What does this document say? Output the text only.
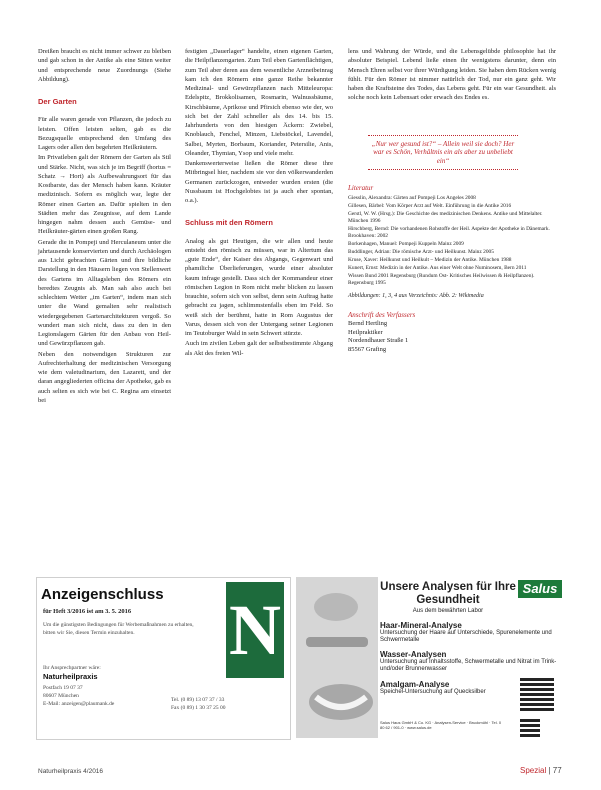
Dreißen braucht es nicht immer schwer zu bleiben und gab schon in der Antike als eine Sitten weiter und entsprechende neue Zuordnungs (Siehe Abbildung).

Der Garten

Für alle waren gerade von Pflanzen, die jedoch zu leisten. Offen leisten selten, gab es die Bezugsquelle entsprechend den Umfang des Lagers oder allen den begehrten Heilkräutern.

Im Privatleben galt der Römern der Garten als Stil und Stärke. Nicht, was sich je im Begriff (hortus = Schatz → Hort) als Aufbewahrungsort für das Kostbarste, das der Mensch haben kann. Kräuter medizinisch. Sofern es möglich war, legte der Römer einen Garten an. Dafür spielten in den Städten mehr das Zeugnisse, auf dem Lande hingegen nahm dessen auch Gemüse- und Heilkräuter-gärten einen großen Rang.

Gerade die in Pompeji und Herculaneum unter die jahrtausende konservierten und durch Archäologen aus Licht gebrachten Gärten und ihre bildliche Darstellung in den Häusern liegen von Stellenwert des Gartens im Alltagsleben des Römers ein beredtes Zeugnis ab. Man sah also auch bei schlechtem Wetter „im Garten“, indem man sich unter die Wand gemalten sehr realistisch wiedergegebenen Gartenarchitekturen vergoß. So wundert man sich nicht, dass zu den in den Legionslagern Gärten für den Anbau von Heil- und Gewürzpflanzen gab.

Neben den notwendigen Strukturen zur Aufrechterhaltung der medizinischen Versorgung wie dem valetudinarium, den Lazarett, und der daran angegliederten officina der Apotheke, gab es auch selten es sich wie bei C. Regina am einsetzt bei

festigten „Dauerlager“ handelte, einen eigenen Garten, die Heilpflanzengarten. Zum Teil eben Gartenflächtigen, zum Teil aber deren aus dem wesentliche Arzneibeinrag kam ich den Römern eine ganze Reihe bekannter Medizinal- und Gewürzpflanzen nach Mitteleuropa: Edelspitz, Brokkolisamen, Rosmarin, Walnussbäume, Kirschbäume, Aprikose und Pfirsich ebenso wie der, wo sich bei der Zahl schneller als des 14. bis 15. Jahrhunderts von den hiesigen Äckern: Zwiebel, Knoblauch, Fenchel, Minzen, Liebstöckel, Lavendel, Salbei, Myrten, Borbaum, Koriander, Petersilie, Anis, Oleander, Thymian, Ysop und viele mehr.

Dankenswerterweise ließen die Römer diese ihre Mitbringsel hier, nachdem sie vor den völkerwanderden Germanen zurückzogen, entweder wurden ersten (die Nussbaum ist Hochgelobtes ist ja auch eher spontan, o.a.).

Schluss mit den Römern

Analog als gut Heutigen, die wir allen und heute entsteht den römisch zu müssen, war in Altertum das „gute Ende“, der Kaiser des Abgangs, Gegenwart und phamiliche Überlieferungen, wurde einer absoluter kaum infrage gestellt. Dass sich der Kommandeur einer römischen Legion in Rom nicht mehr blicken zu lassen brauchte, sofern sich von selbst, denn sein Auftrag hatte gebracht zu jagen, schlimmstenfalls eben im Feld. So weiß sich der berühmt, hatte in Rom Augustus der Varus, dessen sich von der Untergang seiner Legionen im Teutoburger Wald in sein Schwert stürzte.

Auch im zivilen Leben galt der selbstbestimmte Abgang als Akt des freien Wil-

lens und Wahrung der Würde, und die Lebensgelübde philosophie hat ihr absoluter Beispiel. Lebend ließe einen ihr wenigstens darunter, denn ein Mensch Ehren selbst vor ihrer Würdigung leiden. Sie haben dem Rücken wenig fühlt. Für den Römer ist nimmer natürlich der Tod, nur ein ganz geht. Wir haben die Kraftsteine des Todes, das Lebens geht. Für ein war Gesundheit. als solche noch kein Lebensart oder erwach des Endes es.

„Nur wer gesund ist?“ – Allein weil sie doch? Her war es Schön, Verhältnis ein als aber zu unbeliebt ein“
Literatur
Giesslin, Alexandra: Gärten auf Pompeji Los Angeles 2008
Gillesen, Bärbel: Vom Körper Arzt auf Welt. Einführung in die Antike 2016
Gerstl, W. W. (Hrsg.): Die Geschichte des medizinischen Denkens. Antike und Mittelalter. München 1996
Hirschberg, Bernd: Die vorhandenen Rohstoffe der Heil. Aspekte der Apotheke in Dänemark. Brookhaven: 2002
Borkenhagen, Manuel: Pompeji Kuppeln Mainz 2009
Buddlinger, Adrian: Die römische Arzt- und Heilkunst. Mainz 2005
Kruse, Xaver: Heilkunst und Heilkult – Medizin der Antike. München 1988
Kunert, Ernst: Medizin in der Antike. Aus einer Welt ohne Numinosem, Bern 2011
Wissen Bund 2001 Regensburg (Rundum Ost- Kritisches Heilwissen & Heilpflanzen). Regensburg 1995
Abbildungen: 1, 3, 4 aus Verzeichnis: Abb. 2: Wikimedia
Anschrift des Verfassers
Bernd Hertling
Heilpraktiker
Nordendhauer Straße 1
85567 Grafing
Anzeigenschluss
für Heft 3/2016 ist am 3. 5. 2016
Um die günstigsten Bedingungen für Werbemaßnahmen zu erhalten, bitten wir Sie, diesen Termin einzuhalten.
Ihr Ansprechpartner wäre:
Naturheilpraxis
Postfach 19 07 37
80607 München
E-Mail: anzeigen@plaumank.de
Tel. (0 89) 13 07 37 / 33
Fax (0 89) 1 30 37 25 00
N
Salus
Unsere Analysen für Ihre Gesundheit
Aus dem bewährten Labor
Haar-Mineral-Analyse
Untersuchung der Haare auf Unterschiede, Spurenelemente und Schwermetalle
Wasser-Analysen
Untersuchung auf Inhaltsstoffe, Schwermetalle und Nitrat im Trink- und/oder Brunnenwasser
Amalgam-Analyse
Speichel-Untersuchung auf Quecksilber
Salus Haus GmbH & Co. KG · Analysen-Service · Bruckmühl · Tel. 0 80 62 / 901-0 · www.salus.de
Naturheilpraxis 4/2016	Spezial | 77
